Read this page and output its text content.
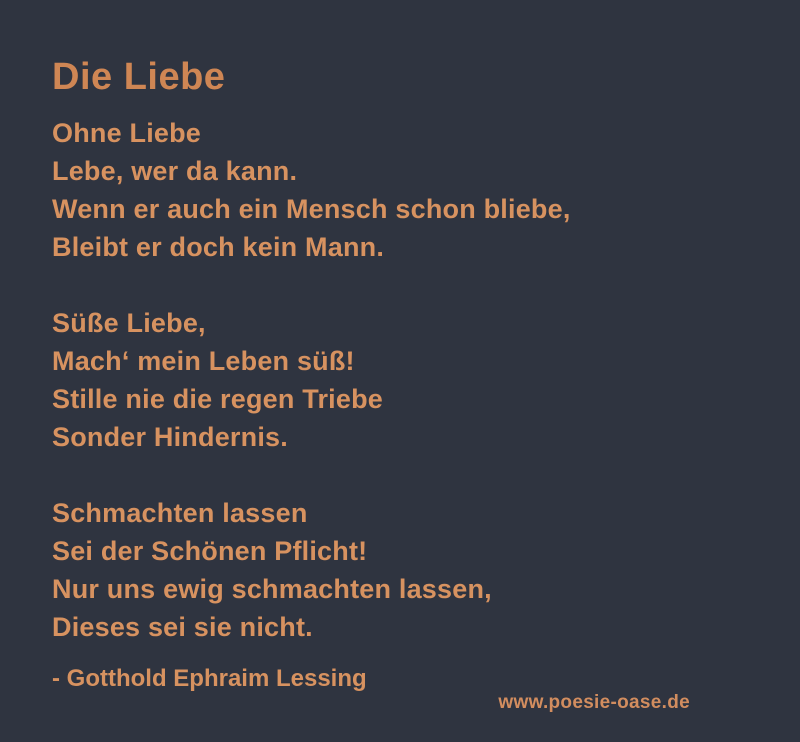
Die Liebe
Ohne Liebe
Lebe, wer da kann.
Wenn er auch ein Mensch schon bliebe,
Bleibt er doch kein Mann.
Süße Liebe,
Mach‘ mein Leben süß!
Stille nie die regen Triebe
Sonder Hindernis.
Schmachten lassen
Sei der Schönen Pflicht!
Nur uns ewig schmachten lassen,
Dieses sei sie nicht.
- Gotthold Ephraim Lessing
www.poesie-oase.de
